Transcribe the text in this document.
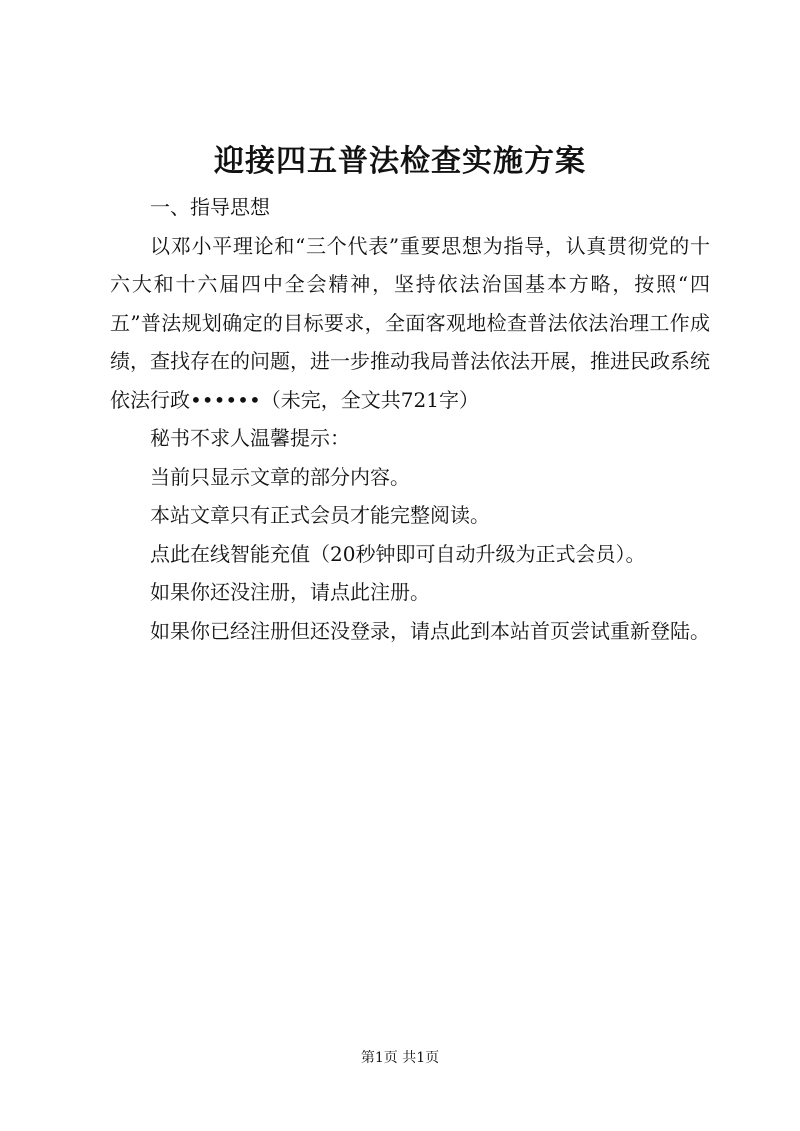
迎接四五普法检查实施方案

一、指导思想

以邓小平理论和“三个代表”重要思想为指导，认真贯彻党的十六大和十六届四中全会精神，坚持依法治国基本方略，按照“四五”普法规划确定的目标要求，全面客观地检查普法依法治理工作成绩，查找存在的问题，进一步推动我局普法依法开展，推进民政系统依法行政••••••（未完，全文共721字）

秘书不求人温馨提示：

当前只显示文章的部分内容。

本站文章只有正式会员才能完整阅读。

点此在线智能充值（20秒钟即可自动升级为正式会员）。

如果你还没注册，请点此注册。

如果你已经注册但还没登录，请点此到本站首页尝试重新登陆。

第1页 共1页
